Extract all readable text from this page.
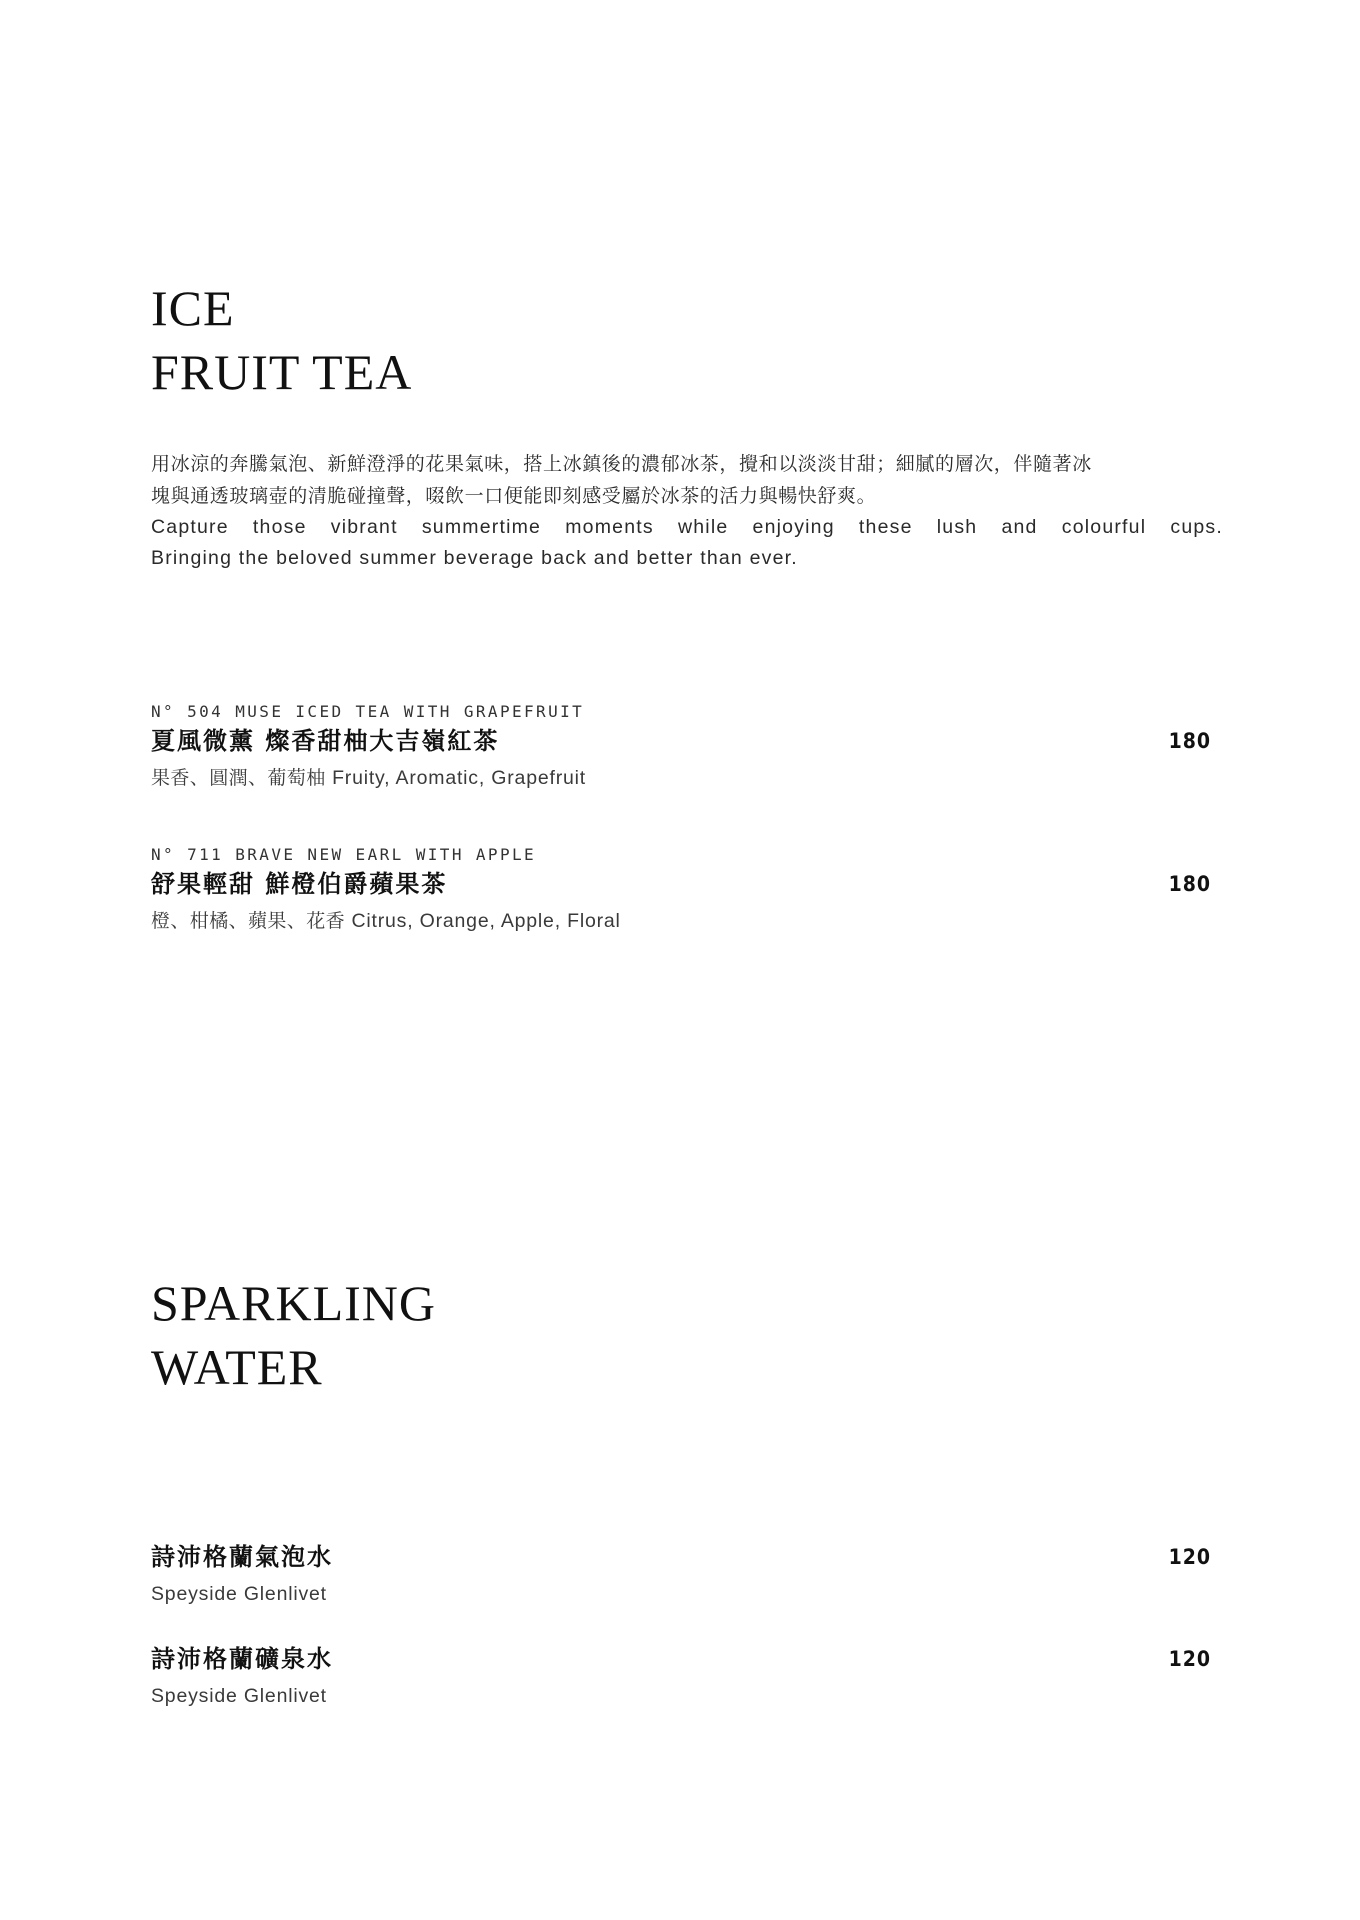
ICE
FRUIT TEA
用冰涼的奔騰氣泡、新鮮澄淨的花果氣味，搭上冰鎮後的濃郁冰茶，攪和以淡淡甘甜；細膩的層次，伴隨著冰
塊與通透玻璃壺的清脆碰撞聲，啜飲一口便能即刻感受屬於冰茶的活力與暢快舒爽。
Capture those vibrant summertime moments while enjoying these lush and colourful cups.
Bringing the beloved summer beverage back and better than ever.
N° 504 MUSE ICED TEA WITH GRAPEFRUIT
夏風微薰 燦香甜柚大吉嶺紅茶	180
果香、圓潤、葡萄柚 Fruity, Aromatic, Grapefruit
N° 711 BRAVE NEW EARL WITH APPLE
舒果輕甜 鮮橙伯爵蘋果茶	180
橙、柑橘、蘋果、花香 Citrus, Orange, Apple, Floral
SPARKLING
WATER
詩沛格蘭氣泡水	120
Speyside Glenlivet
詩沛格蘭礦泉水	120
Speyside Glenlivet
